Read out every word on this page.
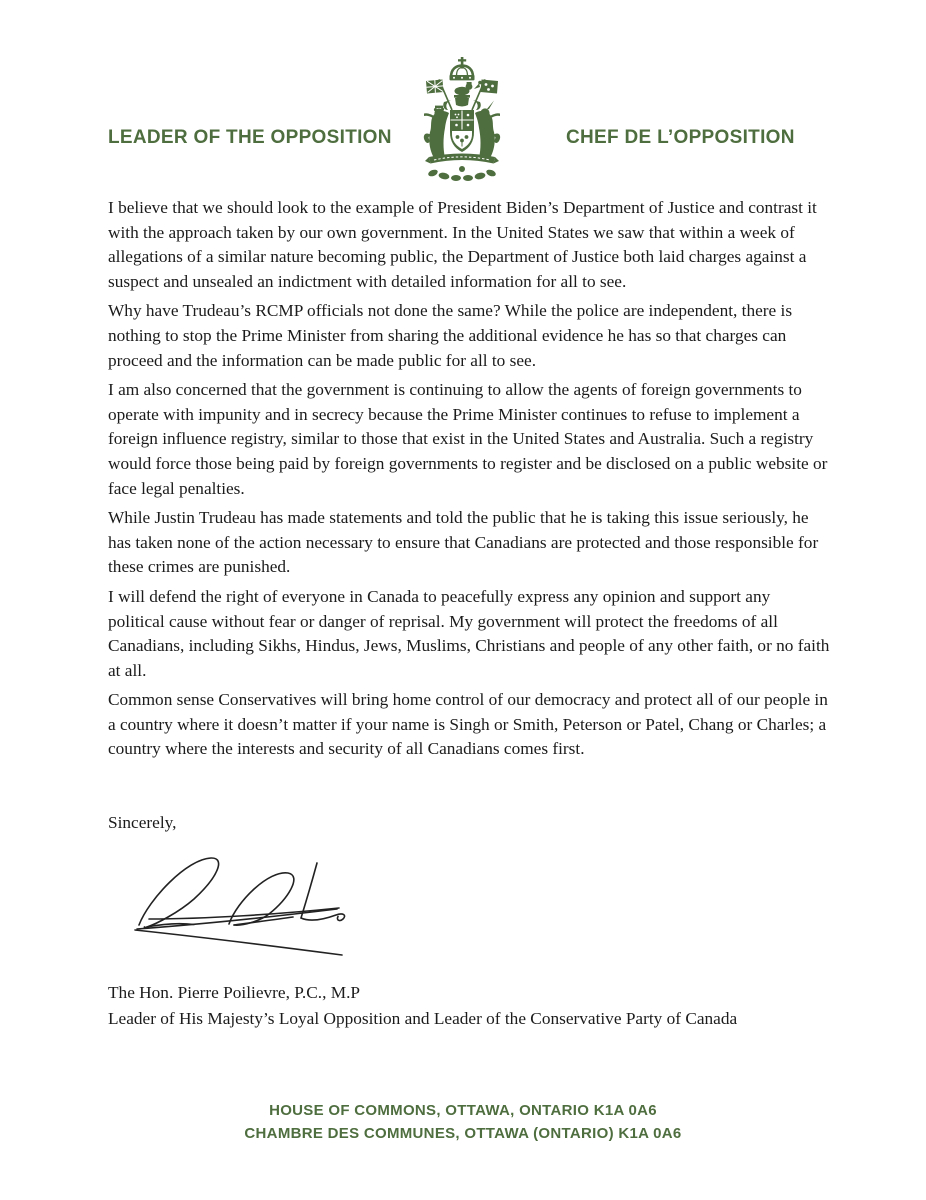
LEADER OF THE OPPOSITION	CHEF DE L’OPPOSITION

I believe that we should look to the example of President Biden’s Department of Justice and contrast it with the approach taken by our own government. In the United States we saw that within a week of allegations of a similar nature becoming public, the Department of Justice both laid charges against a suspect and unsealed an indictment with detailed information for all to see.

Why have Trudeau’s RCMP officials not done the same? While the police are independent, there is nothing to stop the Prime Minister from sharing the additional evidence he has so that charges can proceed and the information can be made public for all to see.

I am also concerned that the government is continuing to allow the agents of foreign governments to operate with impunity and in secrecy because the Prime Minister continues to refuse to implement a foreign influence registry, similar to those that exist in the United States and Australia. Such a registry would force those being paid by foreign governments to register and be disclosed on a public website or face legal penalties.

While Justin Trudeau has made statements and told the public that he is taking this issue seriously, he has taken none of the action necessary to ensure that Canadians are protected and those responsible for these crimes are punished.

I will defend the right of everyone in Canada to peacefully express any opinion and support any political cause without fear or danger of reprisal. My government will protect the freedoms of all Canadians, including Sikhs, Hindus, Jews, Muslims, Christians and people of any other faith, or no faith at all.

Common sense Conservatives will bring home control of our democracy and protect all of our people in a country where it doesn’t matter if your name is Singh or Smith, Peterson or Patel, Chang or Charles; a country where the interests and security of all Canadians comes first.

Sincerely,
The Hon. Pierre Poilievre, P.C., M.P
Leader of His Majesty’s Loyal Opposition and Leader of the Conservative Party of Canada
HOUSE OF COMMONS, OTTAWA, ONTARIO K1A 0A6
CHAMBRE DES COMMUNES, OTTAWA (ONTARIO) K1A 0A6
